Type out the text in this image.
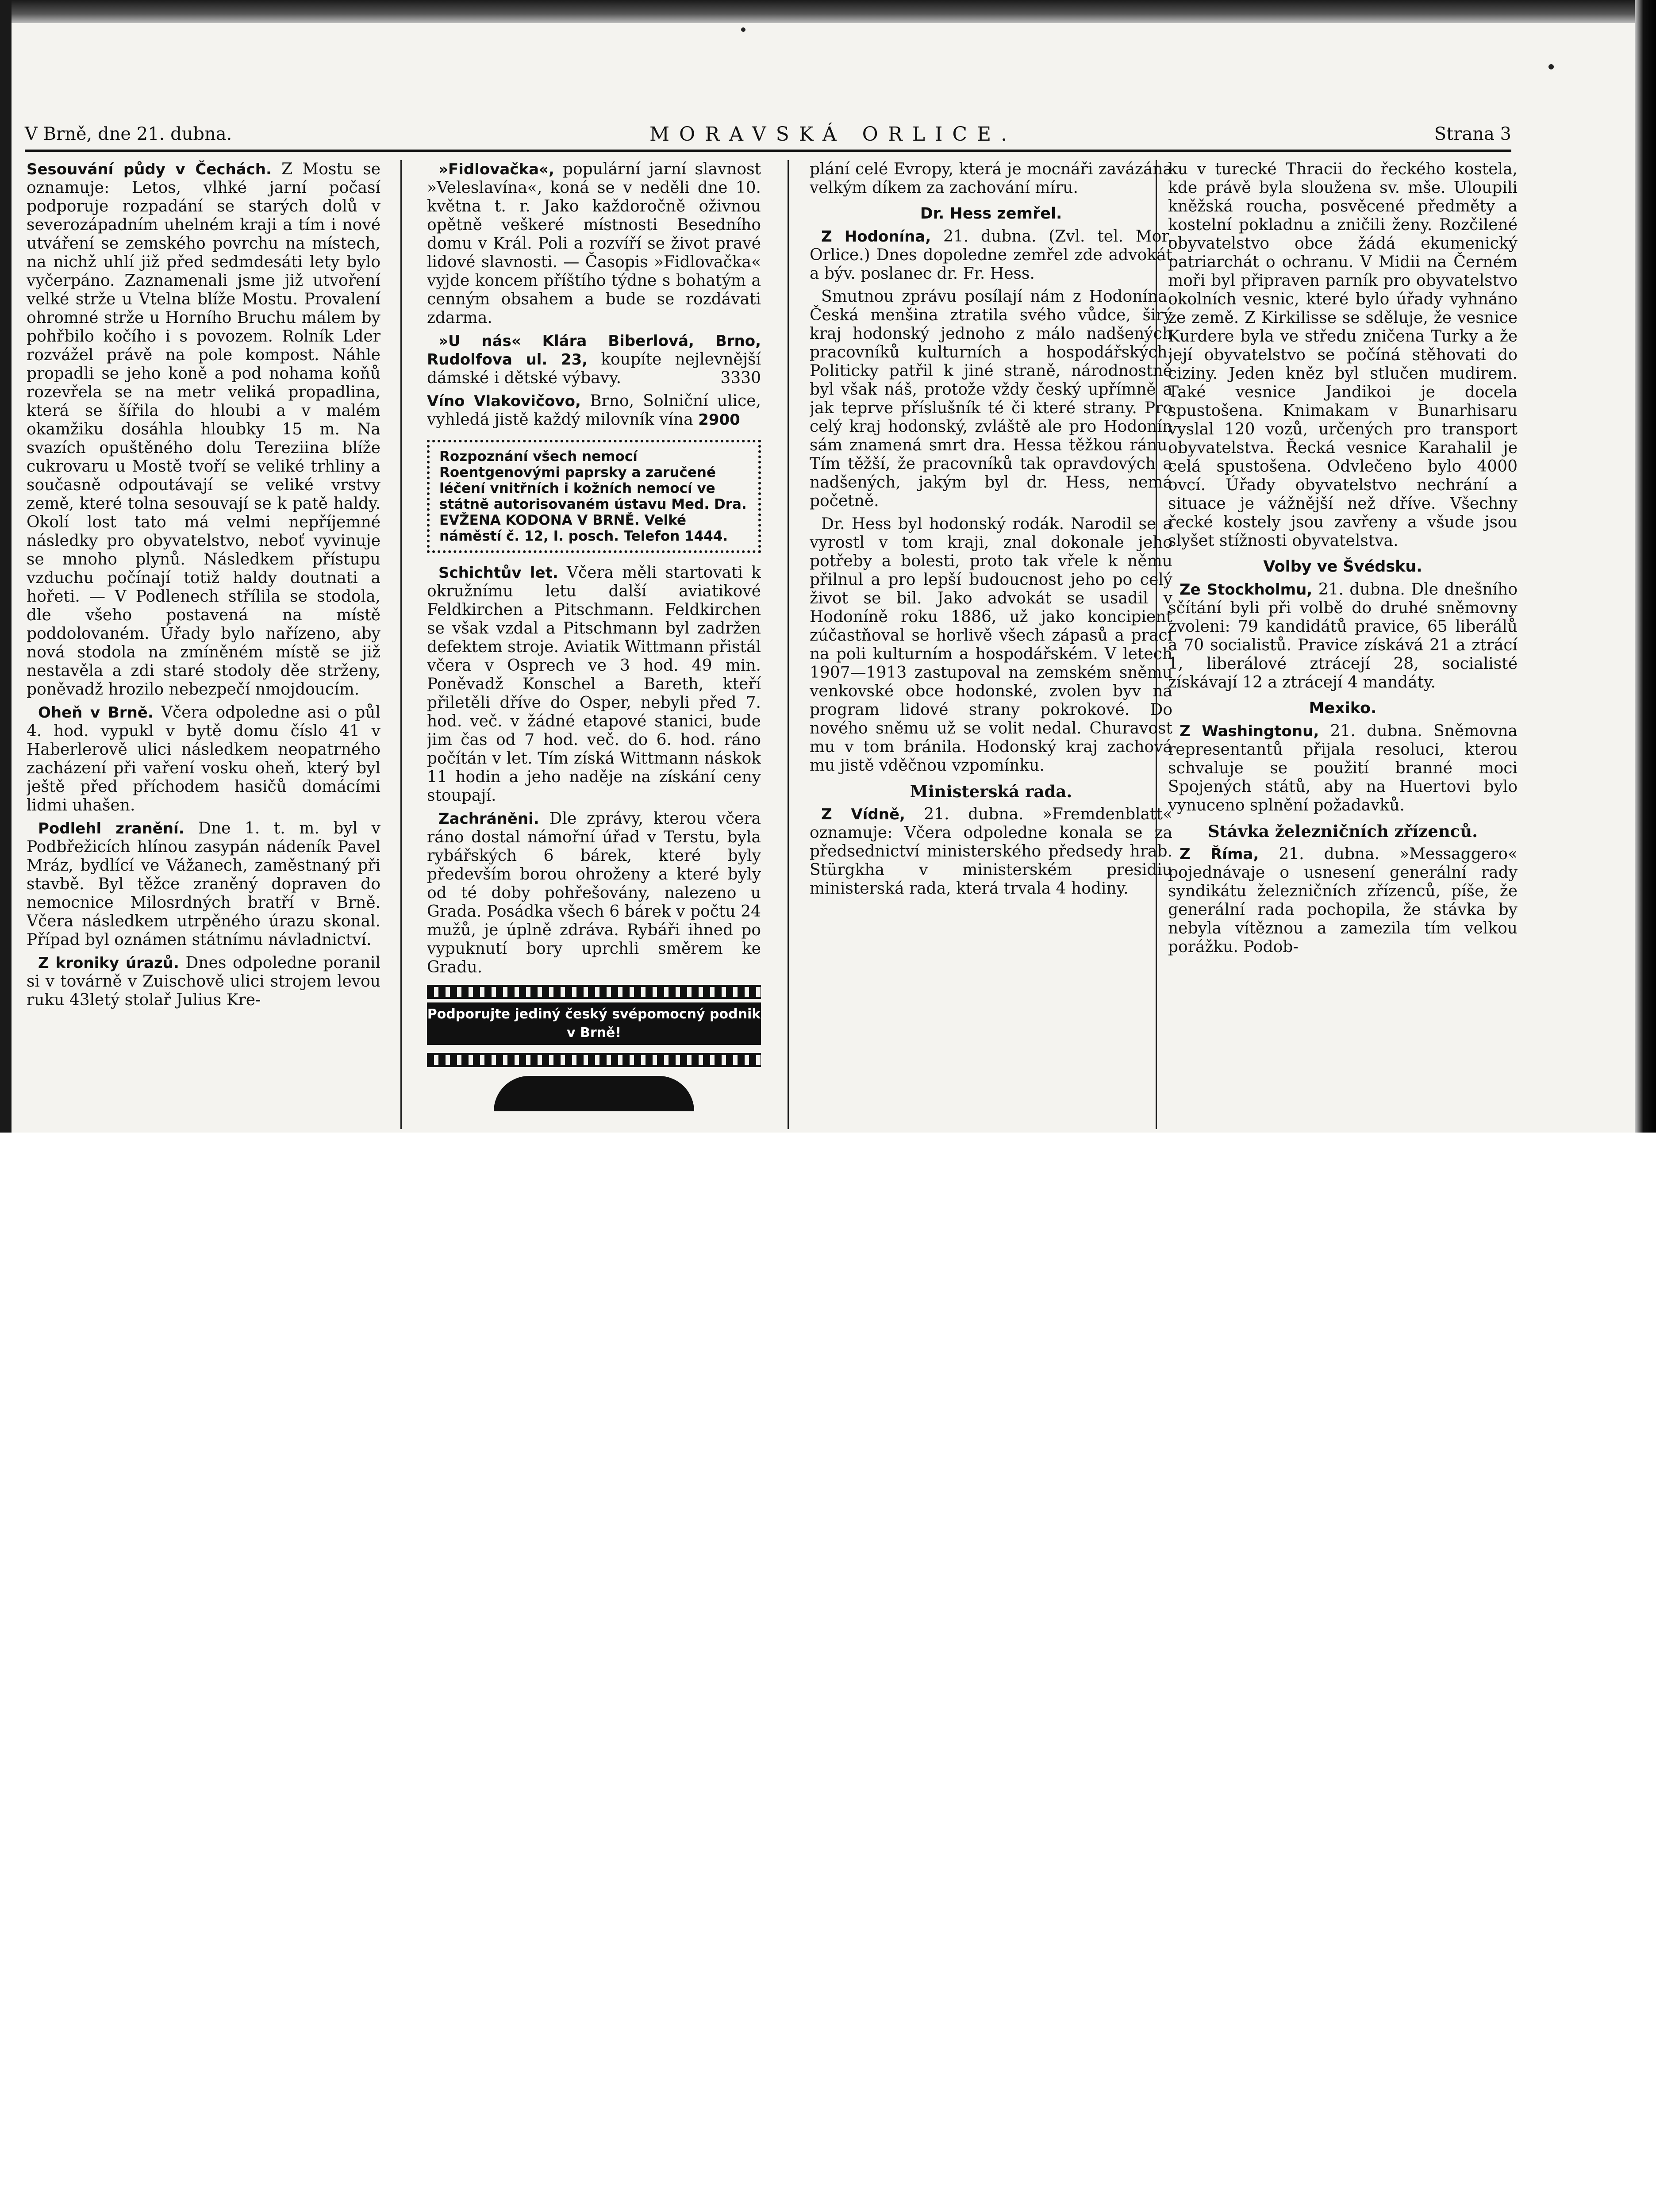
V Brně, dne 21. dubna.	MORAVSKÁ ORLICE.	Strana 3

Sesouvání půdy v Čechách. Z Mostu se oznamuje: Letos, vlhké jarní počasí podporuje rozpadání se starých dolů v severozápadním uhelném kraji a tím i nové utváření se zemského povrchu na místech, na nichž uhlí již před sedmdesáti lety bylo vyčerpáno. Zaznamenali jsme již utvoření velké strže u Vtelna blíže Mostu. Provalení ohromné strže u Horního Bruchu málem by pohřbilo kočího i s povozem. Rolník Lder rozvážel právě na pole kompost. Náhle propadli se jeho koně a pod nohama koňů rozevřela se na metr veliká propadlina, která se šířila do hloubi a v malém okamžiku dosáhla hloubky 15 m. Na svazích opuštěného dolu Tereziina blíže cukrovaru u Mostě tvoří se veliké trhliny a současně odpoutávají se veliké vrstvy země, které tolna sesouvají se k patě haldy. Okolí lost tato má velmi nepříjemné následky pro obyvatelstvo, neboť vyvinuje se mnoho plynů. Následkem přístupu vzduchu počínají totiž haldy doutnati a hořeti. — V Podlenech střílila se stodola, dle všeho postavená na místě poddolovaném. Úřady bylo nařízeno, aby nová stodola na zmíněném místě se již nestavěla a zdi staré stodoly děe strženy, poněvadž hrozilo nebezpečí nmojdoucím.

Oheň v Brně. Včera odpoledne asi o půl 4. hod. vypukl v bytě domu číslo 41 v Haberlerově ulici následkem neopatrného zacházení při vaření vosku oheň, který byl ještě před příchodem hasičů domácími lidmi uhašen.

Podlehl zranění. Dne 1. t. m. byl v Podbřežicích hlínou zasypán nádeník Pavel Mráz, bydlící ve Vážanech, zaměstnaný při stavbě. Byl těžce zraněný dopraven do nemocnice Milosrdných bratří v Brně. Včera následkem utrpěného úrazu skonal. Případ byl oznámen státnímu návladnictví.

Z kroniky úrazů. Dnes odpoledne poranil si v továrně v Zuischově ulici strojem levou ruku 43letý stolař Julius Kre-

»Fidlovačka«, populární jarní slavnost »Veleslavína«, koná se v neděli dne 10. května t. r. Jako každoročně oživnou opětně veškeré místnosti Besedního domu v Král. Poli a rozvíří se život pravé lidové slavnosti. — Časopis »Fidlovačka« vyjde koncem příštího týdne s bohatým a cenným obsahem a bude se rozdávati zdarma.

»U nás« Klára Biberlová, Brno, Rudolfova ul. 23, koupíte nejlevnější dámské i dětské výbavy.	3330

Víno Vlakovičovo, Brno, Solniční ulice, vyhledá jistě každý milovník vína 2900

Rozpoznání všech nemocí Roentgenovými paprsky a zaručené léčení vnitřních i kožních nemocí ve státně autorisovaném ústavu Med. Dra. EVŽENA KODONA V BRNĚ. Velké náměstí č. 12, I. posch. Telefon 1444.

Schichtův let. Včera měli startovati k okružnímu letu další aviatikové Feldkirchen a Pitschmann. Feldkirchen se však vzdal a Pitschmann byl zadržen defektem stroje. Aviatik Wittmann přistál včera v Osprech ve 3 hod. 49 min. Poněvadž Konschel a Bareth, kteří přiletěli dříve do Osper, nebyli před 7. hod. več. v žádné etapové stanici, bude jim čas od 7 hod. več. do 6. hod. ráno počítán v let. Tím získá Wittmann náskok 11 hodin a jeho naděje na získání ceny stoupají.

Zachráněni. Dle zprávy, kterou včera ráno dostal námořní úřad v Terstu, byla rybářských 6 bárek, které byly především borou ohroženy a které byly od té doby pohřešovány, nalezeno u Grada. Posádka všech 6 bárek v počtu 24 mužů, je úplně zdráva. Rybáři ihned po vypuknutí bory uprchli směrem ke Gradu.

Podporujte jediný český svépomocný podnik v Brně!

plání celé Evropy, která je mocnáři zavázána velkým díkem za zachování míru.

Dr. Hess zemřel.

Z Hodonína, 21. dubna. (Zvl. tel. Mor. Orlice.) Dnes dopoledne zemřel zde advokát a býv. poslanec dr. Fr. Hess.

Smutnou zprávu posílají nám z Hodonína. Česká menšina ztratila svého vůdce, širý kraj hodonský jednoho z málo nadšených pracovníků kulturních a hospodářských. Politicky patřil k jiné straně, národnostně byl však náš, protože vždy český upřímně a jak teprve příslušník té či které strany. Pro celý kraj hodonský, zvláště ale pro Hodonín sám znamená smrt dra. Hessa těžkou ránu. Tím těžší, že pracovníků tak opravdových a nadšených, jakým byl dr. Hess, nemá početně.

Dr. Hess byl hodonský rodák. Narodil se a vyrostl v tom kraji, znal dokonale jeho potřeby a bolesti, proto tak vřele k němu přilnul a pro lepší budoucnost jeho po celý život se bil. Jako advokát se usadil v Hodoníně roku 1886, už jako koncipient zúčastňoval se horlivě všech zápasů a prací na poli kulturním a hospodářském. V letech 1907—1913 zastupoval na zemském sněmu venkovské obce hodonské, zvolen byv na program lidové strany pokrokové. Do nového sněmu už se volit nedal. Churavost mu v tom bránila. Hodonský kraj zachová mu jistě vděčnou vzpomínku.

Ministerská rada.

Z Vídně, 21. dubna. »Fremdenblatt« oznamuje: Včera odpoledne konala se za předsednictví ministerského předsedy hrab. Stürgkha v ministerském presidiu ministerská rada, která trvala 4 hodiny.

ku v turecké Thracii do řeckého kostela, kde právě byla sloužena sv. mše. Uloupili kněžská roucha, posvěcené předměty a kostelní pokladnu a zničili ženy. Rozčilené obyvatelstvo obce žádá ekumenický patriarchát o ochranu. V Midii na Černém moři byl připraven parník pro obyvatelstvo okolních vesnic, které bylo úřady vyhnáno ze země. Z Kirkilisse se sděluje, že vesnice Kurdere byla ve středu zničena Turky a že její obyvatelstvo se počíná stěhovati do ciziny. Jeden kněz byl stlučen mudirem. Také vesnice Jandikoi je docela spustošena. Knimakam v Bunarhisaru vyslal 120 vozů, určených pro transport obyvatelstva. Řecká vesnice Karahalil je celá spustošena. Odvlečeno bylo 4000 ovcí. Úřady obyvatelstvo nechrání a situace je vážnější než dříve. Všechny řecké kostely jsou zavřeny a všude jsou slyšet stížnosti obyvatelstva.

Volby ve Švédsku.

Ze Stockholmu, 21. dubna. Dle dnešního sčítání byli při volbě do druhé sněmovny zvoleni: 79 kandidátů pravice, 65 liberálů a 70 socialistů. Pravice získává 21 a ztrácí 1, liberálové ztrácejí 28, socialisté získávají 12 a ztrácejí 4 mandáty.

Mexiko.

Z Washingtonu, 21. dubna. Sněmovna representantů přijala resoluci, kterou schvaluje se použití branné moci Spojených států, aby na Huertovi bylo vynuceno splnění požadavků.

Stávka železničních zřízenců.

Z Říma, 21. dubna. »Messaggero« pojednávaje o usnesení generální rady syndikátu železničních zřízenců, píše, že generální rada pochopila, že stávka by nebyla vítěznou a zamezila tím velkou porážku. Podob-
